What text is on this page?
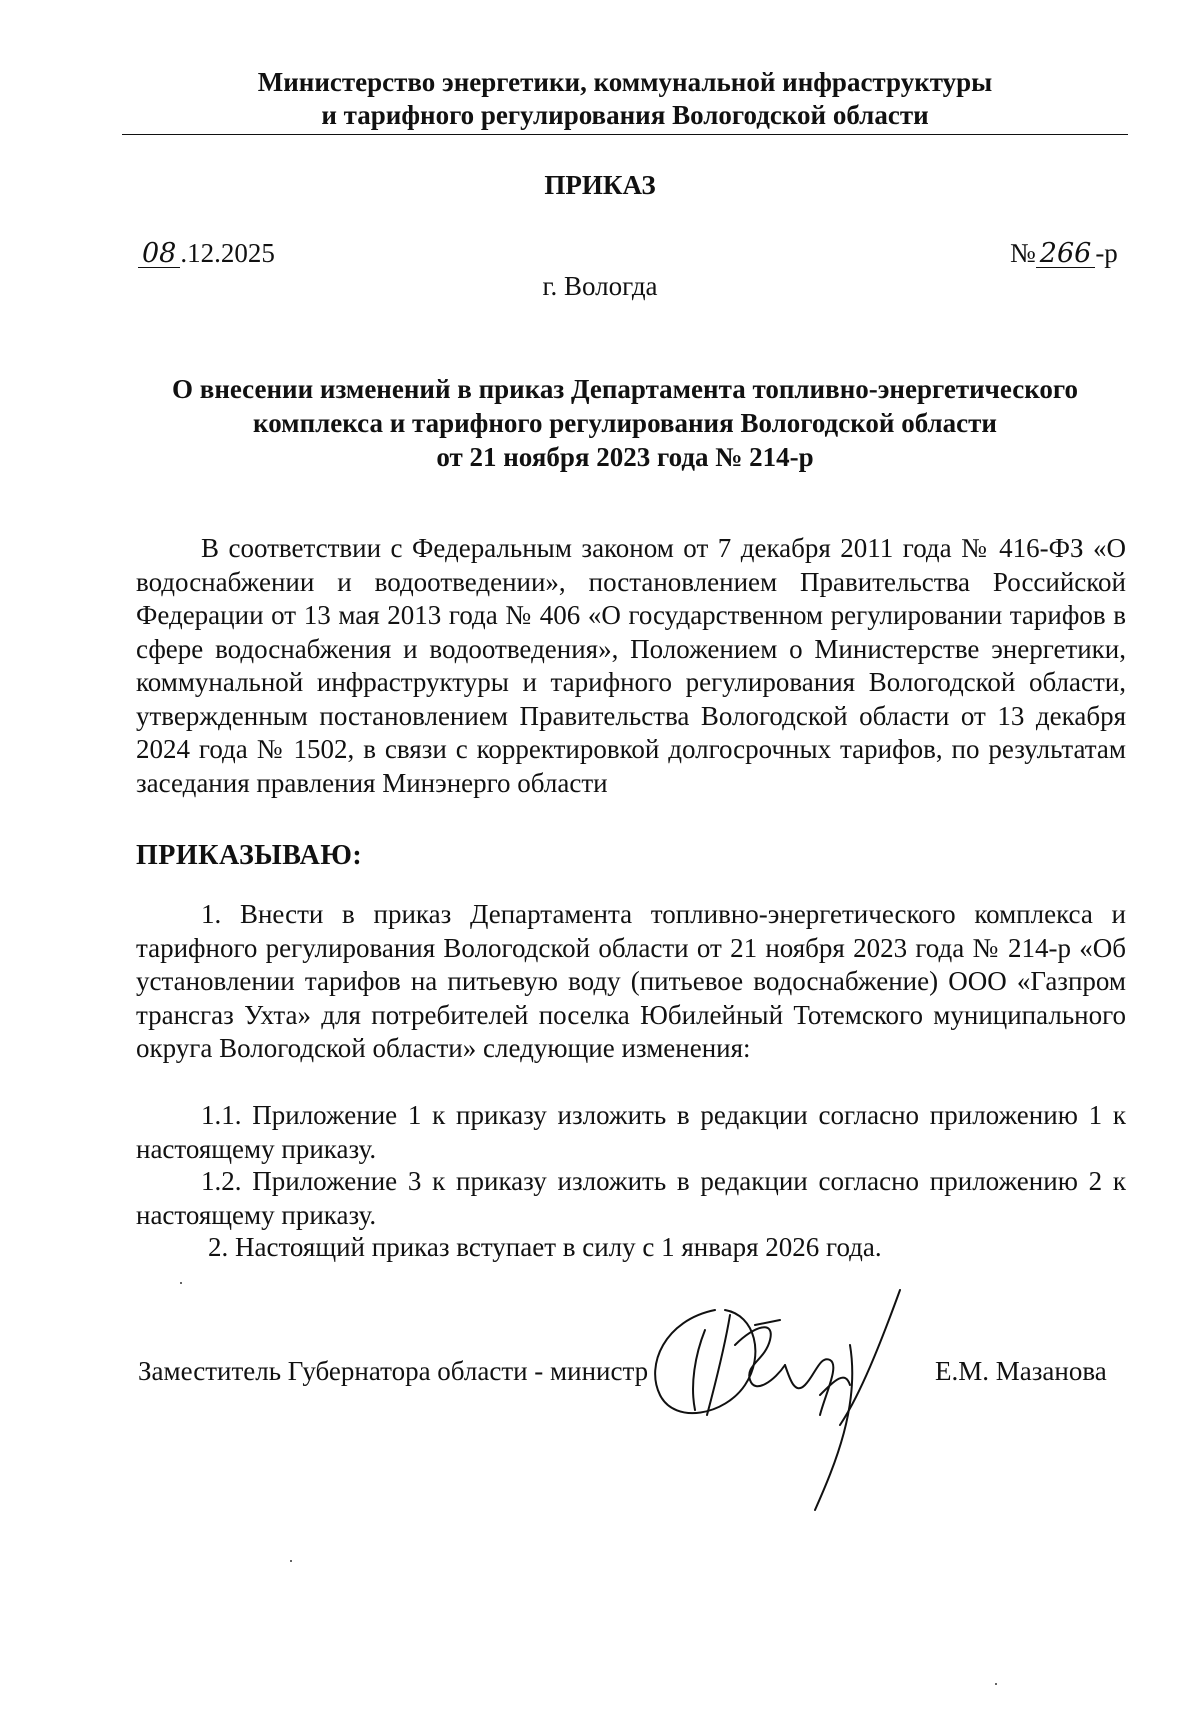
Министерство энергетики, коммунальной инфраструктуры
и тарифного регулирования Вологодской области
ПРИКАЗ
08 .12.2025	№ 266 -р
г. Вологда
О внесении изменений в приказ Департамента топливно-энергетического
комплекса и тарифного регулирования Вологодской области
от 21 ноября 2023 года № 214-р
В соответствии с Федеральным законом от 7 декабря 2011 года № 416-ФЗ «О водоснабжении и водоотведении», постановлением Правительства Российской Федерации от 13 мая 2013 года № 406 «О государственном регулировании тарифов в сфере водоснабжения и водоотведения», Положением о Министерстве энергетики, коммунальной инфраструктуры и тарифного регулирования Вологодской области, утвержденным постановлением Правительства Вологодской области от 13 декабря 2024 года № 1502, в связи с корректировкой долгосрочных тарифов, по результатам заседания правления Минэнерго области
ПРИКАЗЫВАЮ:
1. Внести в приказ Департамента топливно-энергетического комплекса и тарифного регулирования Вологодской области от 21 ноября 2023 года № 214-р «Об установлении тарифов на питьевую воду (питьевое водоснабжение) ООО «Газпром трансгаз Ухта» для потребителей поселка Юбилейный Тотемского муниципального округа Вологодской области» следующие изменения:
1.1. Приложение 1 к приказу изложить в редакции согласно приложению 1 к настоящему приказу.
1.2. Приложение 3 к приказу изложить в редакции согласно приложению 2 к настоящему приказу.
2. Настоящий приказ вступает в силу с 1 января 2026 года.
Заместитель Губернатора области - министр	Е.М. Мазанова
